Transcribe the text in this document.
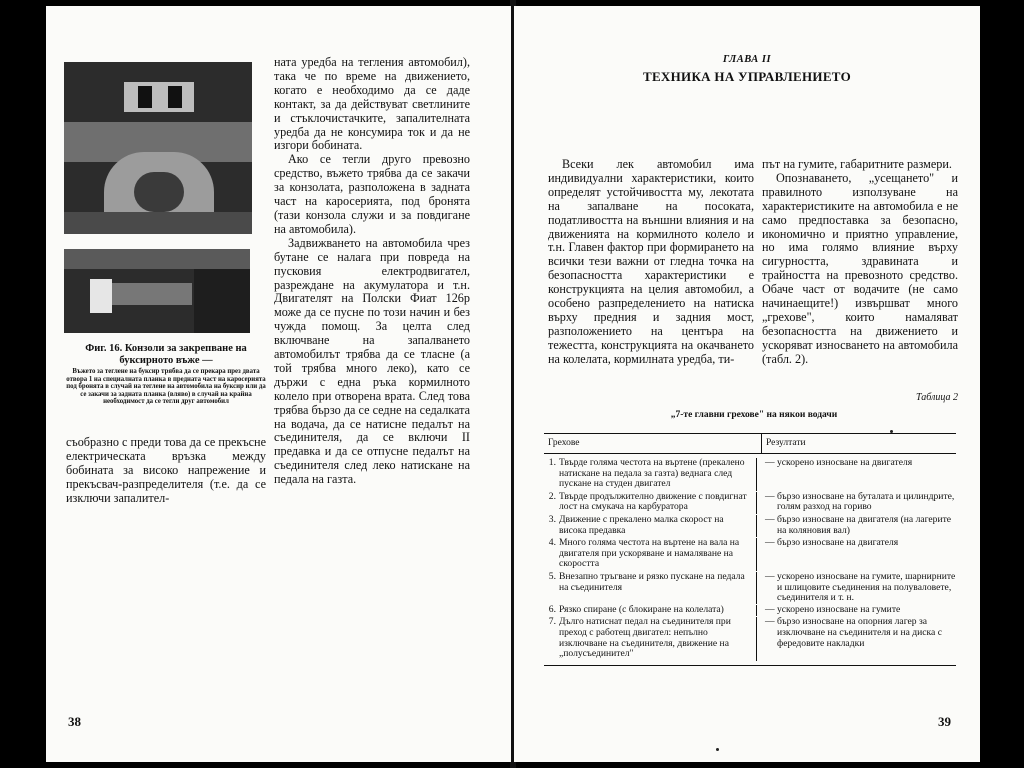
Фиг. 16. Конзоли за закрепване на буксирното въже —
Въжето за теглене на буксир трябва да се прекара през двата отвора 1 на специалната планка в предната част на каросерията под бронята в случай на теглене на автомобила на буксир или да се закачи за задната планка (вляво) в случай на крайна необходимост да се тегли друг автомобил

съобразно с преди това да се прекъсне електрическата връзка между бобината за високо напрежение и прекъсвач-разпределителя (т.е. да се изключи запалител-

ната уредба на тегления автомобил), така че по време на движението, когато е необходимо да се даде контакт, за да действуват светлините и стъклочистачките, запалителната уредба да не консумира ток и да не изгори бобината.

Ако се тегли друго превозно средство, въжето трябва да се закачи за конзолата, разположена в задната част на каросерията, под бронята (тази конзола служи и за повдигане на автомобила).

Задвижването на автомобила чрез бутане се налага при повреда на пусковия електродвигател, разреждане на акумулатора и т.н. Двигателят на Полски Фиат 126р може да се пусне по този начин и без чужда помощ. За целта след включване на запалването автомобилът трябва да се тласне (а той трябва много леко), като се държи с една ръка кормилното колело при отворена врата. След това трябва бързо да се седне на седалката на водача, да се натисне педалът на съединителя, да се включи II предавка и да се отпусне педалът на съединителя след леко натискане на педала на газта.

38
ГЛАВА II
ТЕХНИКА НА УПРАВЛЕНИЕТО

Всеки лек автомобил има индивидуални характеристики, които определят устойчивостта му, лекотата на запалване на посоката, податливостта на външни влияния и на движенията на кормилното колело и т.н. Главен фактор при формирането на всички тези важни от гледна точка на безопасността характеристики е конструкцията на целия автомобил, а особено разпределението на натиска върху предния и задния мост, разположението на центъра на тежестта, конструкцията на окачването на колелата, кормилната уредба, ти-

път на гумите, габаритните размери.

Опознаването, „усещането" и правилното използуване на характеристиките на автомобила е не само предпоставка за безопасно, икономично и приятно управление, но има голямо влияние върху сигурността, здравината и трайността на превозното средство. Обаче част от водачите (не само начинаещите!) извършват много „грехове", които намаляват безопасността на движението и ускоряват износването на автомобила (табл. 2).

Таблица 2
„7-те главни грехове" на някои водачи
Грехове	Резултати
1. Твърде голяма честота на въртене (прекалено натискане на педала за газта) веднага след пускане на студен двигател
— ускорено износване на двигателя
2. Твърде продължително движение с повдигнат лост на смукача на карбуратора
— бързо износване на буталата и цилиндрите, голям разход на гориво
3. Движение с прекалено малка скорост на висока предавка
— бързо износване на двигателя (на лагерите на коляновия вал)
4. Много голяма честота на въртене на вала на двигателя при ускоряване и намаляване на скоростта
— бързо износване на двигателя
5. Внезапно тръгване и рязко пускане на педала на съединителя
— ускорено износване на гумите, шарнирните и шлицовите съединения на полуваловете, съединителя и т. н.
6. Рязко спиране (с блокиране на колелата)	— ускорено износване на гумите
7. Дълго натиснат педал на съединителя при преход с работещ двигател: непълно изключване на съединителя, движение на „полусъединител"
— бързо износване на опорния лагер за изключване на съединителя и на диска с фередовите накладки
39
